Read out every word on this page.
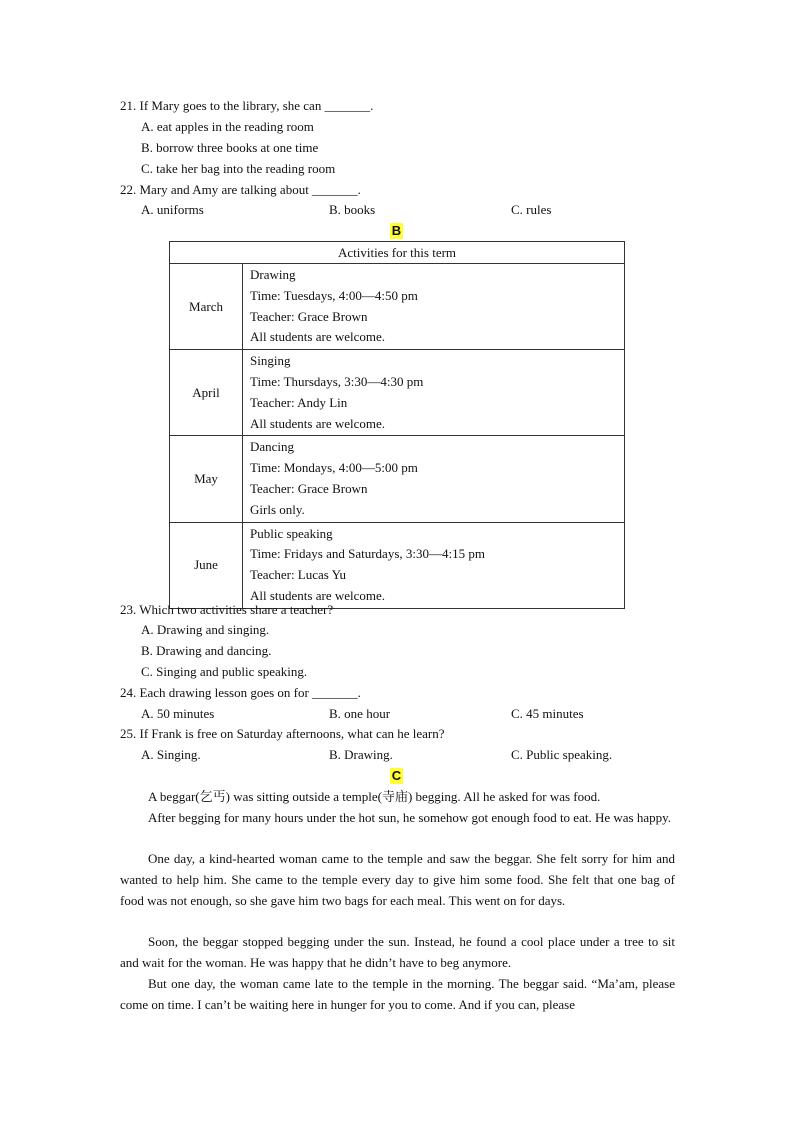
21. If Mary goes to the library, she can _______.
A. eat apples in the reading room
B. borrow three books at one time
C. take her bag into the reading room
22. Mary and Amy are talking about _______.
A. uniforms	B. books	C. rules
B
Activities for this term	
March	Drawing
Time: Tuesdays, 4:00—4:50 pm
Teacher: Grace Brown
All students are welcome.

April	Singing
Time: Thursdays, 3:30—4:30 pm
Teacher: Andy Lin
All students are welcome.

May	Dancing
Time: Mondays, 4:00—5:00 pm
Teacher: Grace Brown
Girls only.

June	Public speaking
Time: Fridays and Saturdays, 3:30—4:15 pm
Teacher: Lucas Yu
All students are welcome.
23. Which two activities share a teacher?
A. Drawing and singing.
B. Drawing and dancing.
C. Singing and public speaking.
24. Each drawing lesson goes on for _______.
A. 50 minutes	B. one hour	C. 45 minutes
25. If Frank is free on Saturday afternoons, what can he learn?
A. Singing.	B. Drawing.	C. Public speaking.
C
A beggar(乞丐) was sitting outside a temple(寺庙) begging. All he asked for was food.
After begging for many hours under the hot sun, he somehow got enough food to eat. He was happy.
One day, a kind-hearted woman came to the temple and saw the beggar. She felt sorry for him and wanted to help him. She came to the temple every day to give him some food. She felt that one bag of food was not enough, so she gave him two bags for each meal. This went on for days.
Soon, the beggar stopped begging under the sun. Instead, he found a cool place under a tree to sit and wait for the woman. He was happy that he didn’t have to beg anymore.
But one day, the woman came late to the temple in the morning. The beggar said. “Ma’am, please come on time. I can’t be waiting here in hunger for you to come. And if you can, please
